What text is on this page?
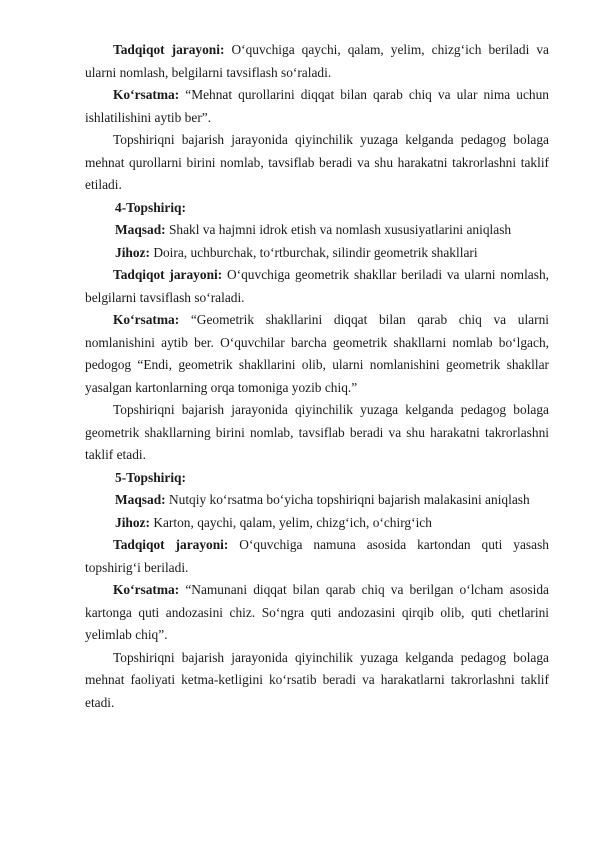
Tadqiqot jarayoni: O‘quvchiga qaychi, qalam, yelim, chizg‘ich beriladi va ularni nomlash, belgilarni tavsiflash so‘raladi.

Ko‘rsatma: “Mehnat qurollarini diqqat bilan qarab chiq va ular nima uchun ishlatilishini aytib ber”.

Topshiriqni bajarish jarayonida qiyinchilik yuzaga kelganda pedagog bolaga mehnat qurollarni birini nomlab, tavsiflab beradi va shu harakatni takrorlashni taklif etiladi.

4-Topshiriq:

Maqsad: Shakl va hajmni idrok etish va nomlash xususiyatlarini aniqlash

Jihoz: Doira, uchburchak, to‘rtburchak, silindir geometrik shakllari

Tadqiqot jarayoni: O‘quvchiga geometrik shakllar beriladi va ularni nomlash, belgilarni tavsiflash so‘raladi.

Ko‘rsatma: “Geometrik shakllarini diqqat bilan qarab chiq va ularni nomlanishini aytib ber. O‘quvchilar barcha geometrik shakllarni nomlab bo‘lgach, pedogog “Endi, geometrik shakllarini olib, ularni nomlanishini geometrik shakllar yasalgan kartonlarning orqa tomoniga yozib chiq.”

Topshiriqni bajarish jarayonida qiyinchilik yuzaga kelganda pedagog bolaga geometrik shakllarning birini nomlab, tavsiflab beradi va shu harakatni takrorlashni taklif etadi.

5-Topshiriq:

Maqsad: Nutqiy ko‘rsatma bo‘yicha topshiriqni bajarish malakasini aniqlash

Jihoz: Karton, qaychi, qalam, yelim, chizg‘ich, o‘chirg‘ich

Tadqiqot jarayoni: O‘quvchiga namuna asosida kartondan quti yasash topshirig‘i beriladi.

Ko‘rsatma: “Namunani diqqat bilan qarab chiq va berilgan o‘lcham asosida kartonga quti andozasini chiz. So‘ngra quti andozasini qirqib olib, quti chetlarini yelimlab chiq”.

Topshiriqni bajarish jarayonida qiyinchilik yuzaga kelganda pedagog bolaga mehnat faoliyati ketma-ketligini ko‘rsatib beradi va harakatlarni takrorlashni taklif etadi.
